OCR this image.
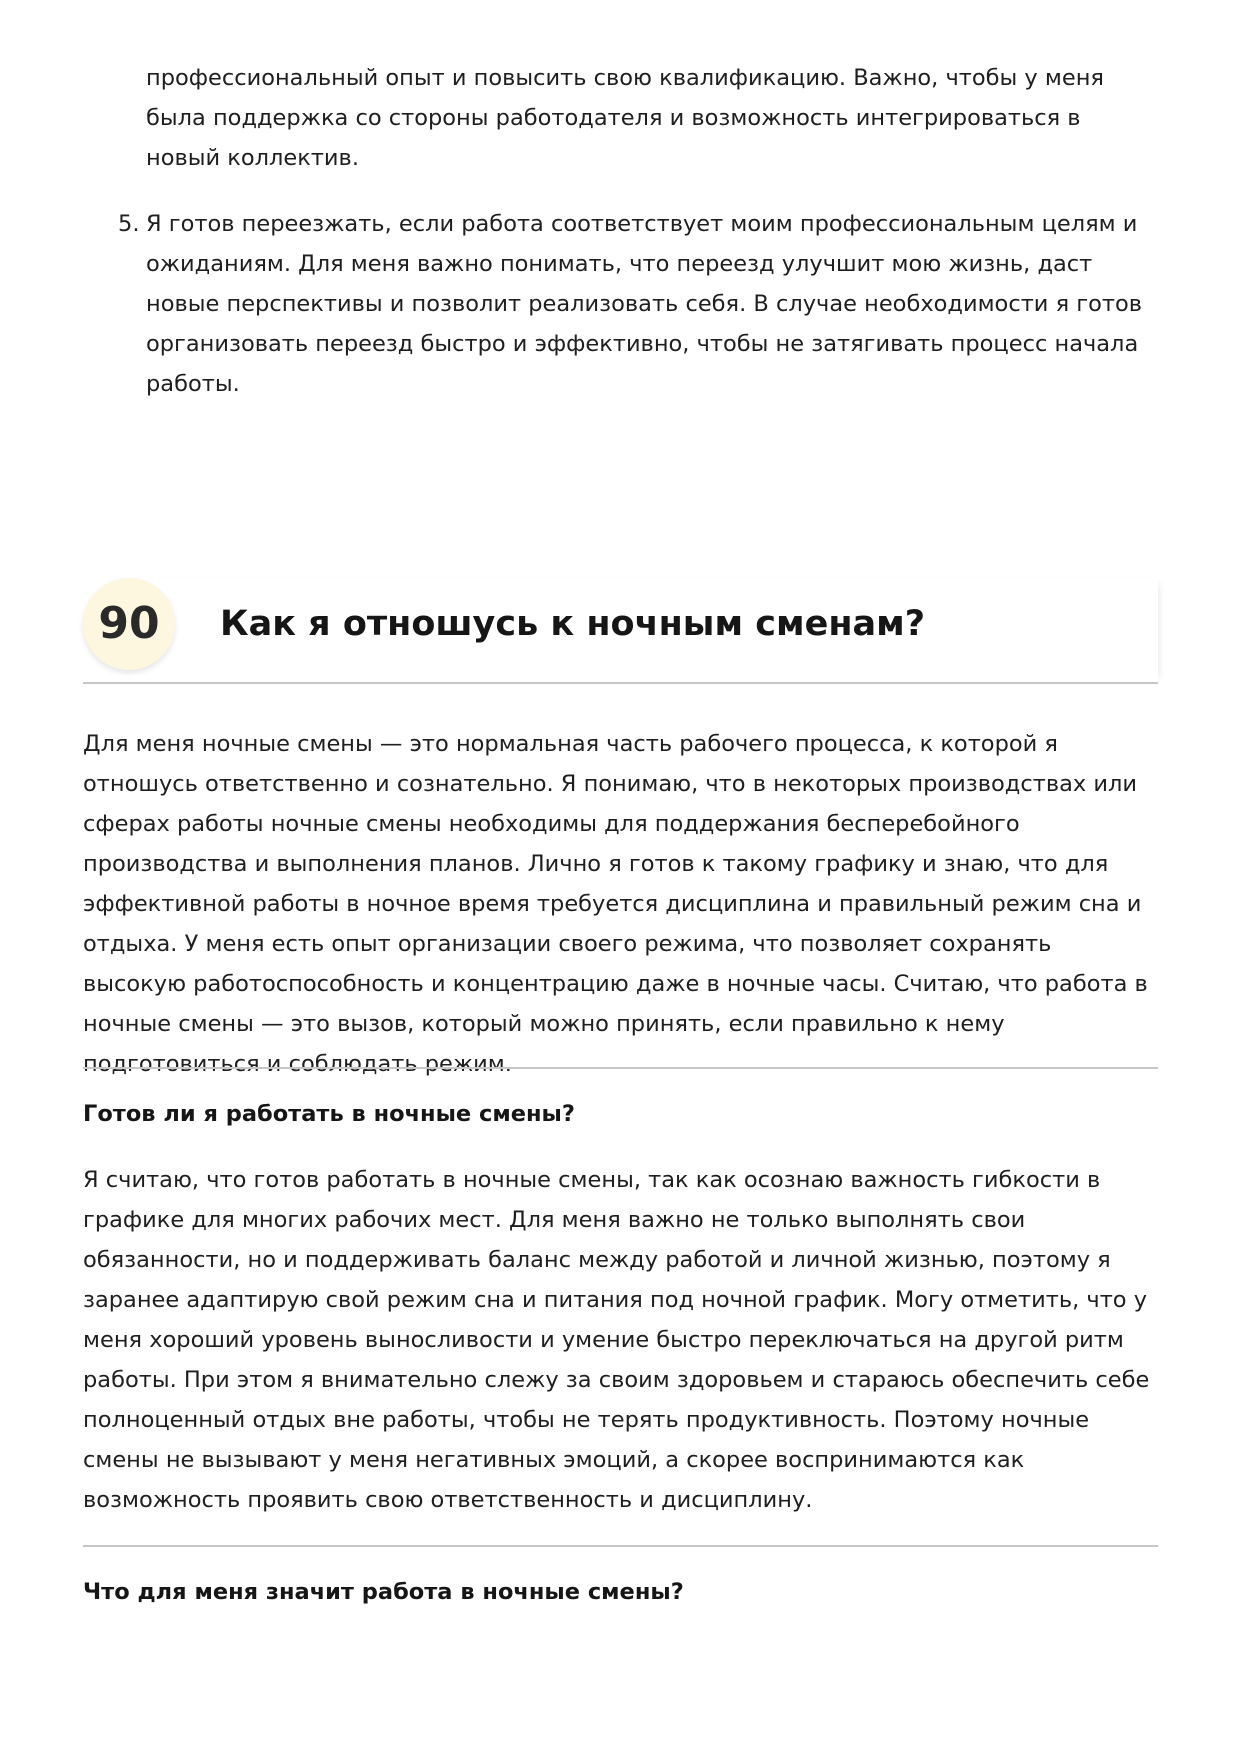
профессиональный опыт и повысить свою квалификацию. Важно, чтобы у меня была поддержка со стороны работодателя и возможность интегрироваться в новый коллектив.

5. Я готов переезжать, если работа соответствует моим профессиональным целям и ожиданиям. Для меня важно понимать, что переезд улучшит мою жизнь, даст новые перспективы и позволит реализовать себя. В случае необходимости я готов организовать переезд быстро и эффективно, чтобы не затягивать процесс начала работы.
90	Как я отношусь к ночным сменам?

Для меня ночные смены — это нормальная часть рабочего процесса, к которой я отношусь ответственно и сознательно. Я понимаю, что в некоторых производствах или сферах работы ночные смены необходимы для поддержания бесперебойного производства и выполнения планов. Лично я готов к такому графику и знаю, что для эффективной работы в ночное время требуется дисциплина и правильный режим сна и отдыха. У меня есть опыт организации своего режима, что позволяет сохранять высокую работоспособность и концентрацию даже в ночные часы. Считаю, что работа в ночные смены — это вызов, который можно принять, если правильно к нему подготовиться и соблюдать режим.

Готов ли я работать в ночные смены?

Я считаю, что готов работать в ночные смены, так как осознаю важность гибкости в графике для многих рабочих мест. Для меня важно не только выполнять свои обязанности, но и поддерживать баланс между работой и личной жизнью, поэтому я заранее адаптирую свой режим сна и питания под ночной график. Могу отметить, что у меня хороший уровень выносливости и умение быстро переключаться на другой ритм работы. При этом я внимательно слежу за своим здоровьем и стараюсь обеспечить себе полноценный отдых вне работы, чтобы не терять продуктивность. Поэтому ночные смены не вызывают у меня негативных эмоций, а скорее воспринимаются как возможность проявить свою ответственность и дисциплину.

Что для меня значит работа в ночные смены?
